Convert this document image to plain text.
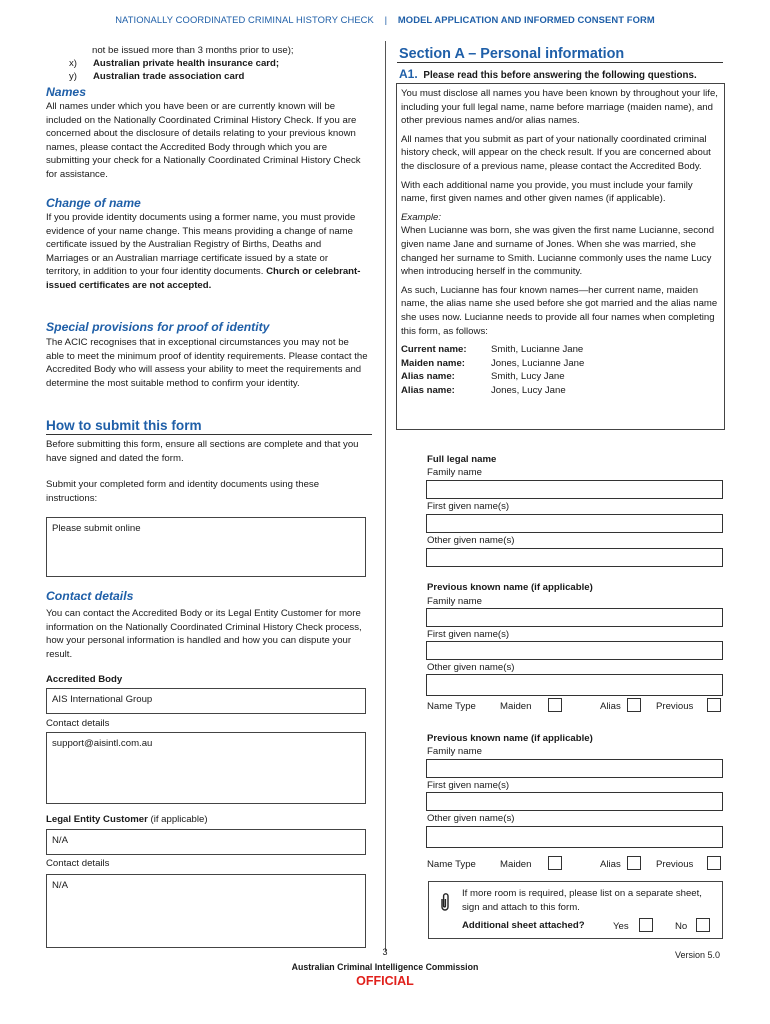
NATIONALLY COORDINATED CRIMINAL HISTORY CHECK | MODEL APPLICATION AND INFORMED CONSENT FORM
not be issued more than 3 months prior to use);
x) Australian private health insurance card;
y) Australian trade association card
Names
All names under which you have been or are currently known will be included on the Nationally Coordinated Criminal History Check. If you are concerned about the disclosure of details relating to your previous known names, please contact the Accredited Body through which you are submitting your check for a Nationally Coordinated Criminal History Check for assistance.
Change of name
If you provide identity documents using a former name, you must provide evidence of your name change. This means providing a change of name certificate issued by the Australian Registry of Births, Deaths and Marriages or an Australian marriage certificate issued by a state or territory, in addition to your four identity documents. Church or celebrant-issued certificates are not accepted.
Special provisions for proof of identity
The ACIC recognises that in exceptional circumstances you may not be able to meet the minimum proof of identity requirements. Please contact the Accredited Body who will assess your ability to meet the requirements and determine the most suitable method to confirm your identity.
How to submit this form
Before submitting this form, ensure all sections are complete and that you have signed and dated the form.
Submit your completed form and identity documents using these instructions:
Please submit online
Contact details
You can contact the Accredited Body or its Legal Entity Customer for more information on the Nationally Coordinated Criminal History Check process, how your personal information is handled and how you can dispute your result.
Accredited Body
AIS International Group
Contact details
support@aisintl.com.au
Legal Entity Customer (if applicable)
N/A
Contact details
N/A
Section A – Personal information
A1. Please read this before answering the following questions.
You must disclose all names you have been known by throughout your life, including your full legal name, name before marriage (maiden name), and other previous names and/or alias names.
All names that you submit as part of your nationally coordinated criminal history check, will appear on the check result. If you are concerned about the disclosure of a previous name, please contact the Accredited Body.
With each additional name you provide, you must include your family name, first given names and other given names (if applicable).
Example:
When Lucianne was born, she was given the first name Lucianne, second given name Jane and surname of Jones. When she was married, she changed her surname to Smith. Lucianne commonly uses the name Lucy when introducing herself in the community.
As such, Lucianne has four known names—her current name, maiden name, the alias name she used before she got married and the alias name she uses now. Lucianne needs to provide all four names when completing this form, as follows:
Current name:	Smith, Lucianne Jane
Maiden name:	Jones, Lucianne Jane
Alias name:	Smith, Lucy Jane
Alias name:	Jones, Lucy Jane
Full legal name
Family name
First given name(s)
Other given name(s)
Previous known name (if applicable)
Family name
First given name(s)
Other given name(s)
Name Type	Maiden	Alias	Previous
Previous known name (if applicable)
Family name
First given name(s)
Other given name(s)
Name Type	Maiden	Alias	Previous
If more room is required, please list on a separate sheet, sign and attach to this form.
Additional sheet attached?	Yes	No
3
Australian Criminal Intelligence Commission
OFFICIAL
Version 5.0
